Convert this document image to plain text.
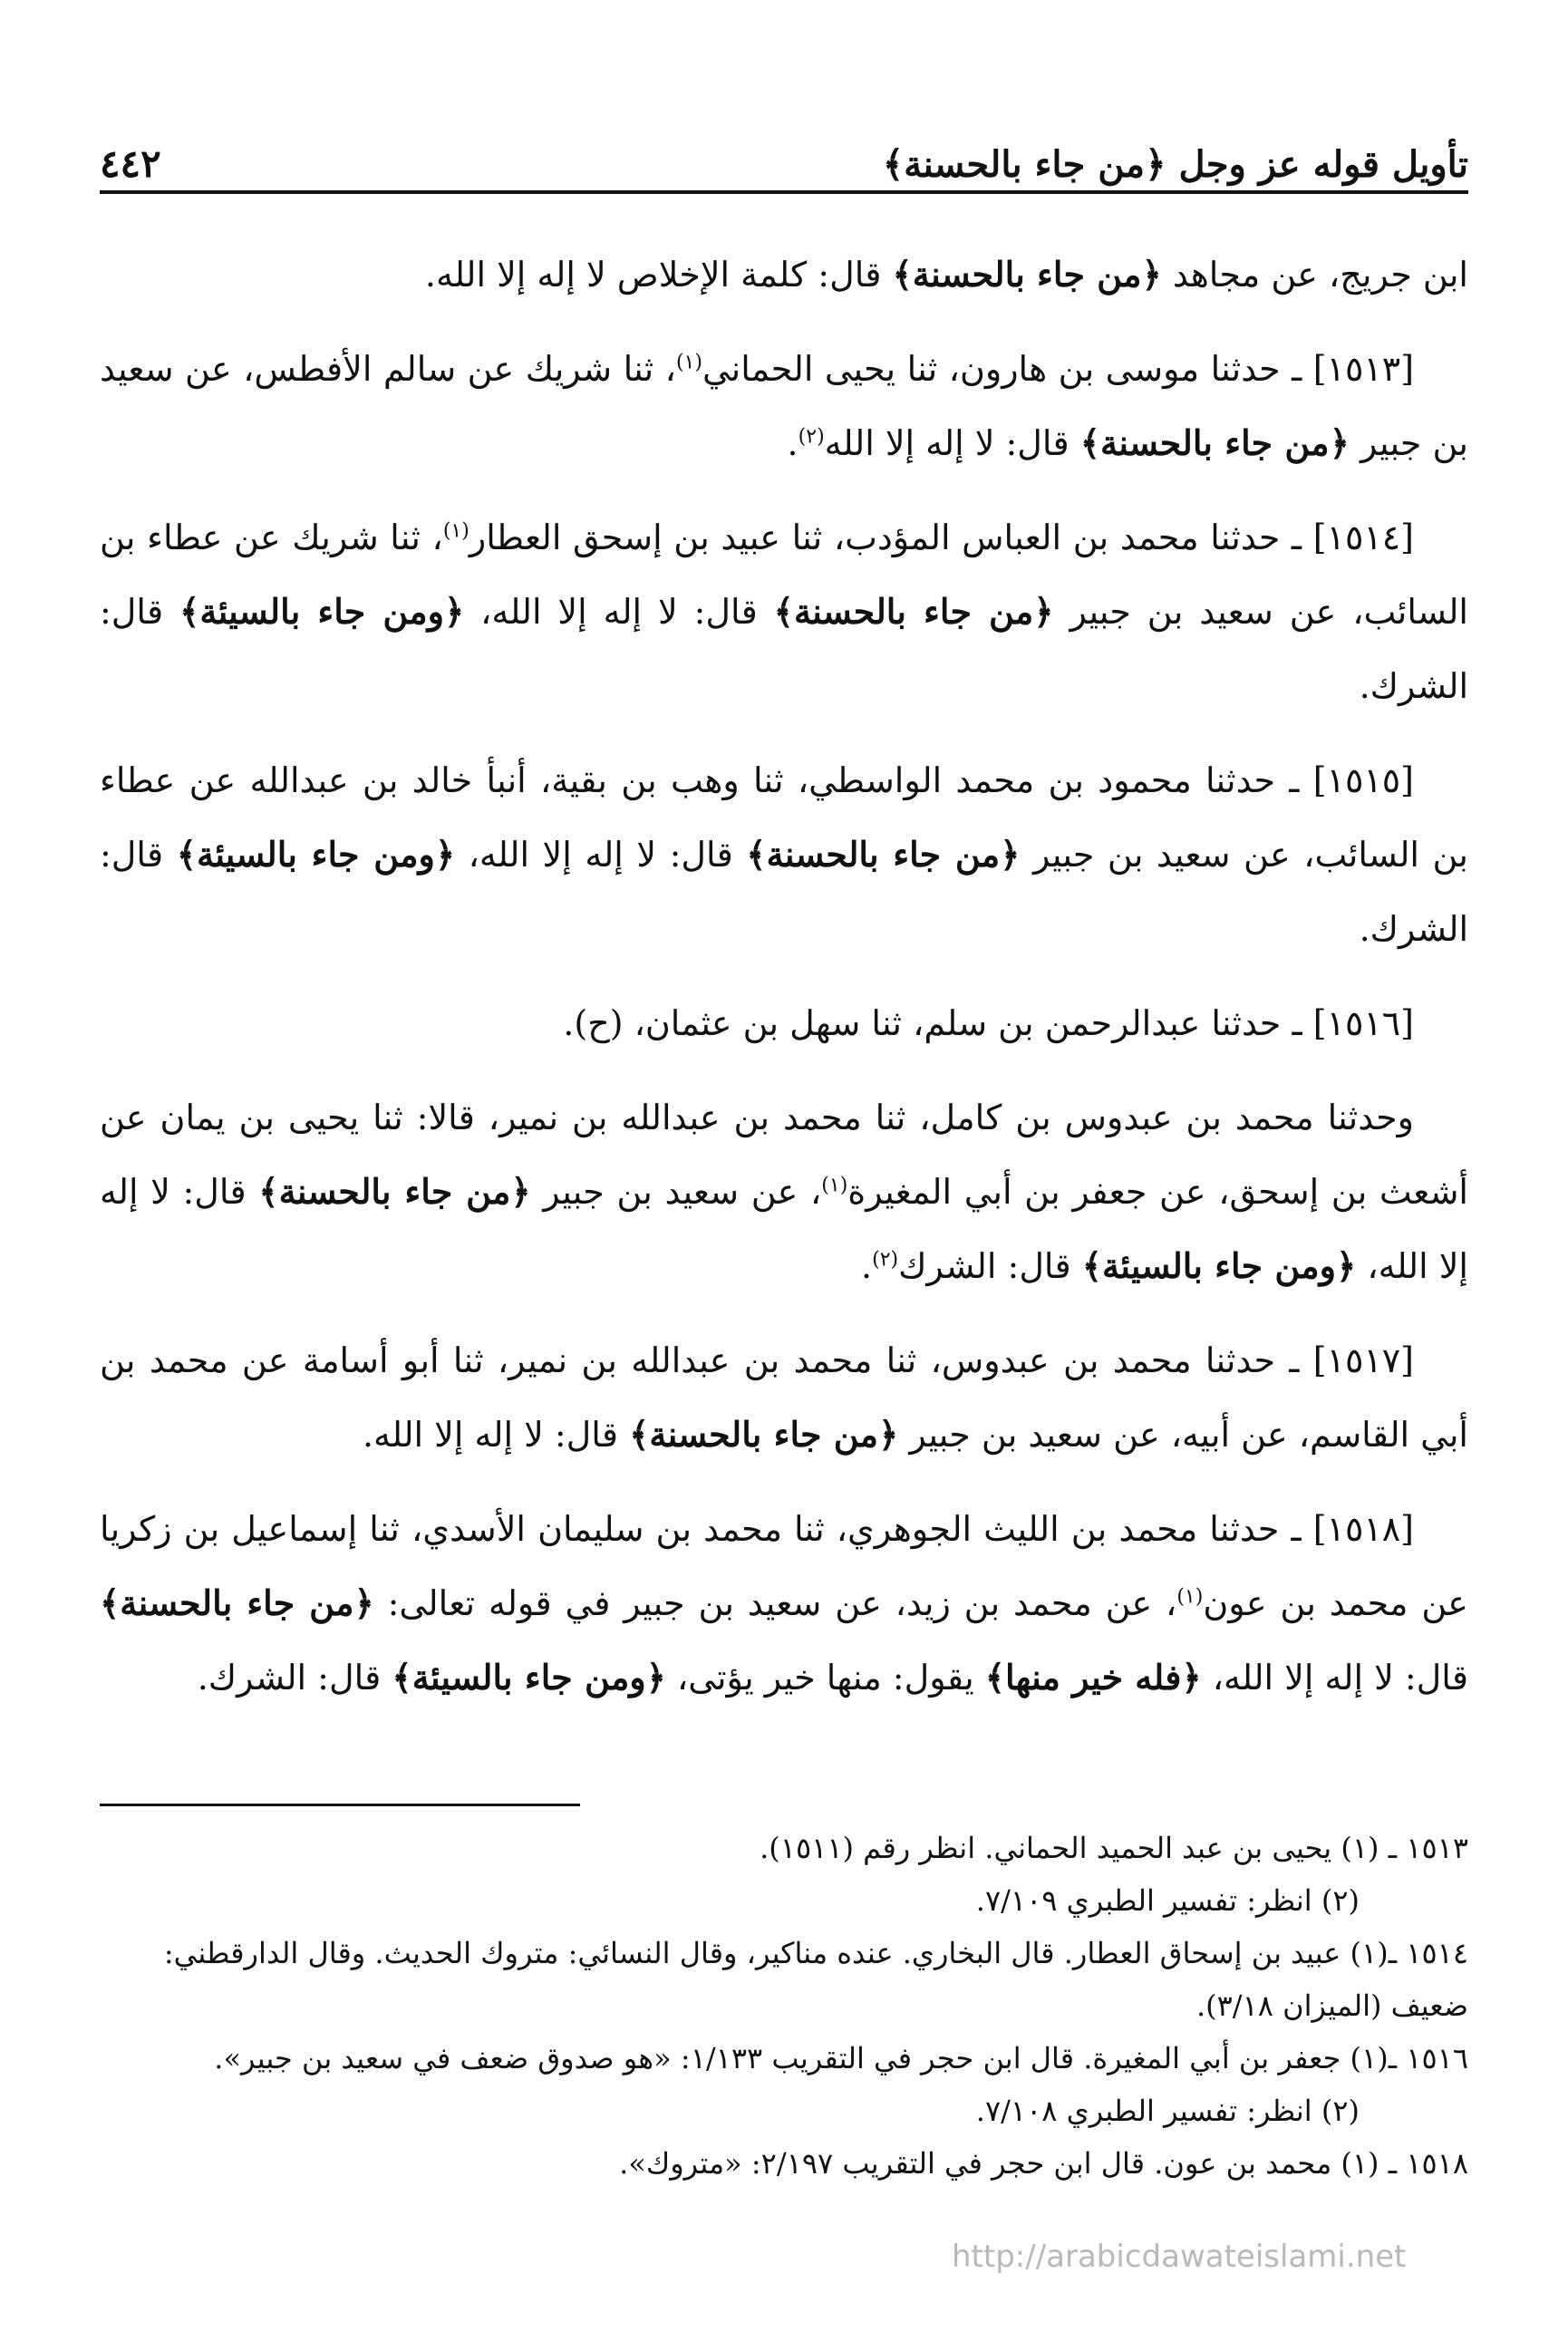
٤٤٢	تأويل قوله عز وجل ﴿من جاء بالحسنة﴾

ابن جريج، عن مجاهد ﴿من جاء بالحسنة﴾ قال: كلمة الإخلاص لا إله إلا الله.

[١٥١٣] ـ حدثنا موسى بن هارون، ثنا يحيى الحماني$^{(١)}$، ثنا شريك عن سالم الأفطس، عن سعيد بن جبير ﴿من جاء بالحسنة﴾ قال: لا إله إلا الله$^{(٢)}$.

[١٥١٤] ـ حدثنا محمد بن العباس المؤدب، ثنا عبيد بن إسحق العطار$^{(١)}$، ثنا شريك عن عطاء بن السائب، عن سعيد بن جبير ﴿من جاء بالحسنة﴾ قال: لا إله إلا الله، ﴿ومن جاء بالسيئة﴾ قال: الشرك.

[١٥١٥] ـ حدثنا محمود بن محمد الواسطي، ثنا وهب بن بقية، أنبأ خالد بن عبدالله عن عطاء بن السائب، عن سعيد بن جبير ﴿من جاء بالحسنة﴾ قال: لا إله إلا الله، ﴿ومن جاء بالسيئة﴾ قال: الشرك.

[١٥١٦] ـ حدثنا عبدالرحمن بن سلم، ثنا سهل بن عثمان، (ح).

وحدثنا محمد بن عبدوس بن كامل، ثنا محمد بن عبدالله بن نمير، قالا: ثنا يحيى بن يمان عن أشعث بن إسحق، عن جعفر بن أبي المغيرة$^{(١)}$، عن سعيد بن جبير ﴿من جاء بالحسنة﴾ قال: لا إله إلا الله، ﴿ومن جاء بالسيئة﴾ قال: الشرك$^{(٢)}$.

[١٥١٧] ـ حدثنا محمد بن عبدوس، ثنا محمد بن عبدالله بن نمير، ثنا أبو أسامة عن محمد بن أبي القاسم، عن أبيه، عن سعيد بن جبير ﴿من جاء بالحسنة﴾ قال: لا إله إلا الله.

[١٥١٨] ـ حدثنا محمد بن الليث الجوهري، ثنا محمد بن سليمان الأسدي، ثنا إسماعيل بن زكريا عن محمد بن عون$^{(١)}$، عن محمد بن زيد، عن سعيد بن جبير في قوله تعالى: ﴿من جاء بالحسنة﴾ قال: لا إله إلا الله، ﴿فله خير منها﴾ يقول: منها خير يؤتى، ﴿ومن جاء بالسيئة﴾ قال: الشرك.

١٥١٣ ـ (١) يحيى بن عبد الحميد الحماني. انظر رقم (١٥١١).

(٢) انظر: تفسير الطبري ٧/١٠٩.

١٥١٤ ـ(١) عبيد بن إسحاق العطار. قال البخاري. عنده مناكير، وقال النسائي: متروك الحديث. وقال الدارقطني: ضعيف (الميزان ٣/١٨).

١٥١٦ ـ(١) جعفر بن أبي المغيرة. قال ابن حجر في التقريب ١/١٣٣: «هو صدوق ضعف في سعيد بن جبير».

(٢) انظر: تفسير الطبري ٧/١٠٨.

١٥١٨ ـ (١) محمد بن عون. قال ابن حجر في التقريب ٢/١٩٧: «متروك».

http://arabicdawateislami.net
